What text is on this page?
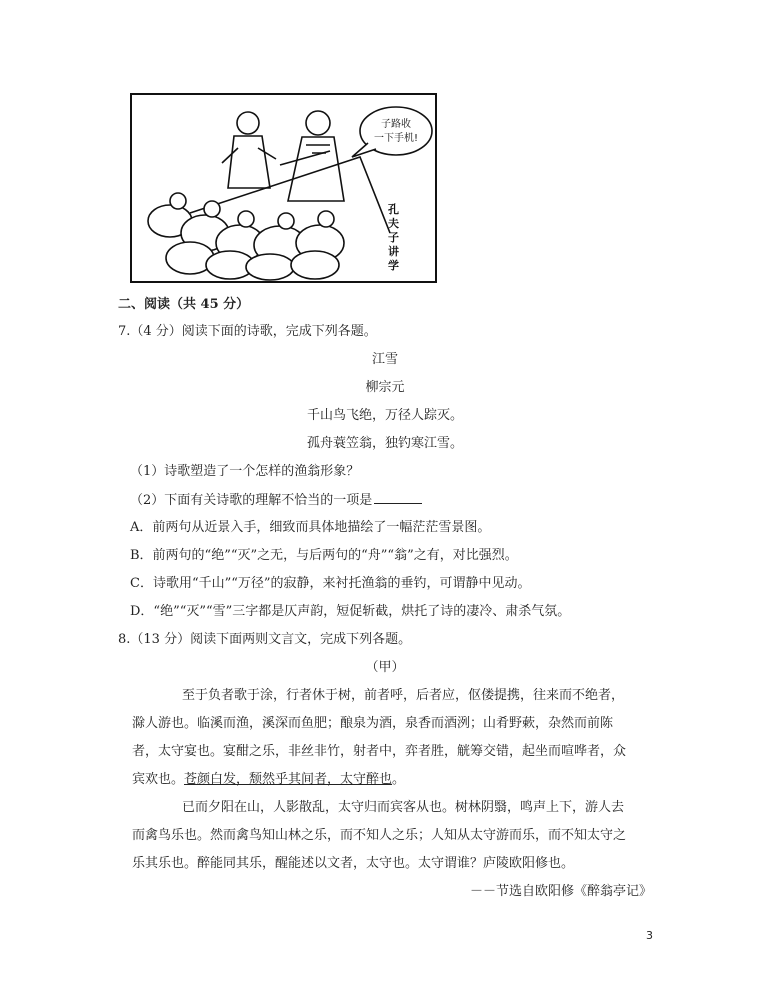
子路收
一下手机!
孔
夫
子
讲
学
二、阅读（共 45 分）
7.（4 分）阅读下面的诗歌，完成下列各题。
江雪
柳宗元
千山鸟飞绝，万径人踪灭。
孤舟蓑笠翁，独钓寒江雪。
（1）诗歌塑造了一个怎样的渔翁形象？
（2）下面有关诗歌的理解不恰当的一项是
A．前两句从近景入手，细致而具体地描绘了一幅茫茫雪景图。
B．前两句的“绝”“灭”之无，与后两句的“舟”“翁”之有，对比强烈。
C．诗歌用“千山”“万径”的寂静，来衬托渔翁的垂钓，可谓静中见动。
D．“绝”“灭”“雪”三字都是仄声韵，短促斩截，烘托了诗的凄冷、肃杀气氛。
8.（13 分）阅读下面两则文言文，完成下列各题。
（甲）
至于负者歌于涂，行者休于树，前者呼，后者应，伛偻提携，往来而不绝者，
滁人游也。临溪而渔，溪深而鱼肥；酿泉为酒，泉香而酒洌；山肴野蔌，杂然而前陈
者，太守宴也。宴酣之乐，非丝非竹，射者中，弈者胜，觥筹交错，起坐而喧哗者，众
宾欢也。苍颜白发，颓然乎其间者，太守醉也。
已而夕阳在山，人影散乱，太守归而宾客从也。树林阴翳，鸣声上下，游人去
而禽鸟乐也。然而禽鸟知山林之乐，而不知人之乐；人知从太守游而乐，而不知太守之
乐其乐也。醉能同其乐，醒能述以文者，太守也。太守谓谁？庐陵欧阳修也。
－－节选自欧阳修《醉翁亭记》
3
